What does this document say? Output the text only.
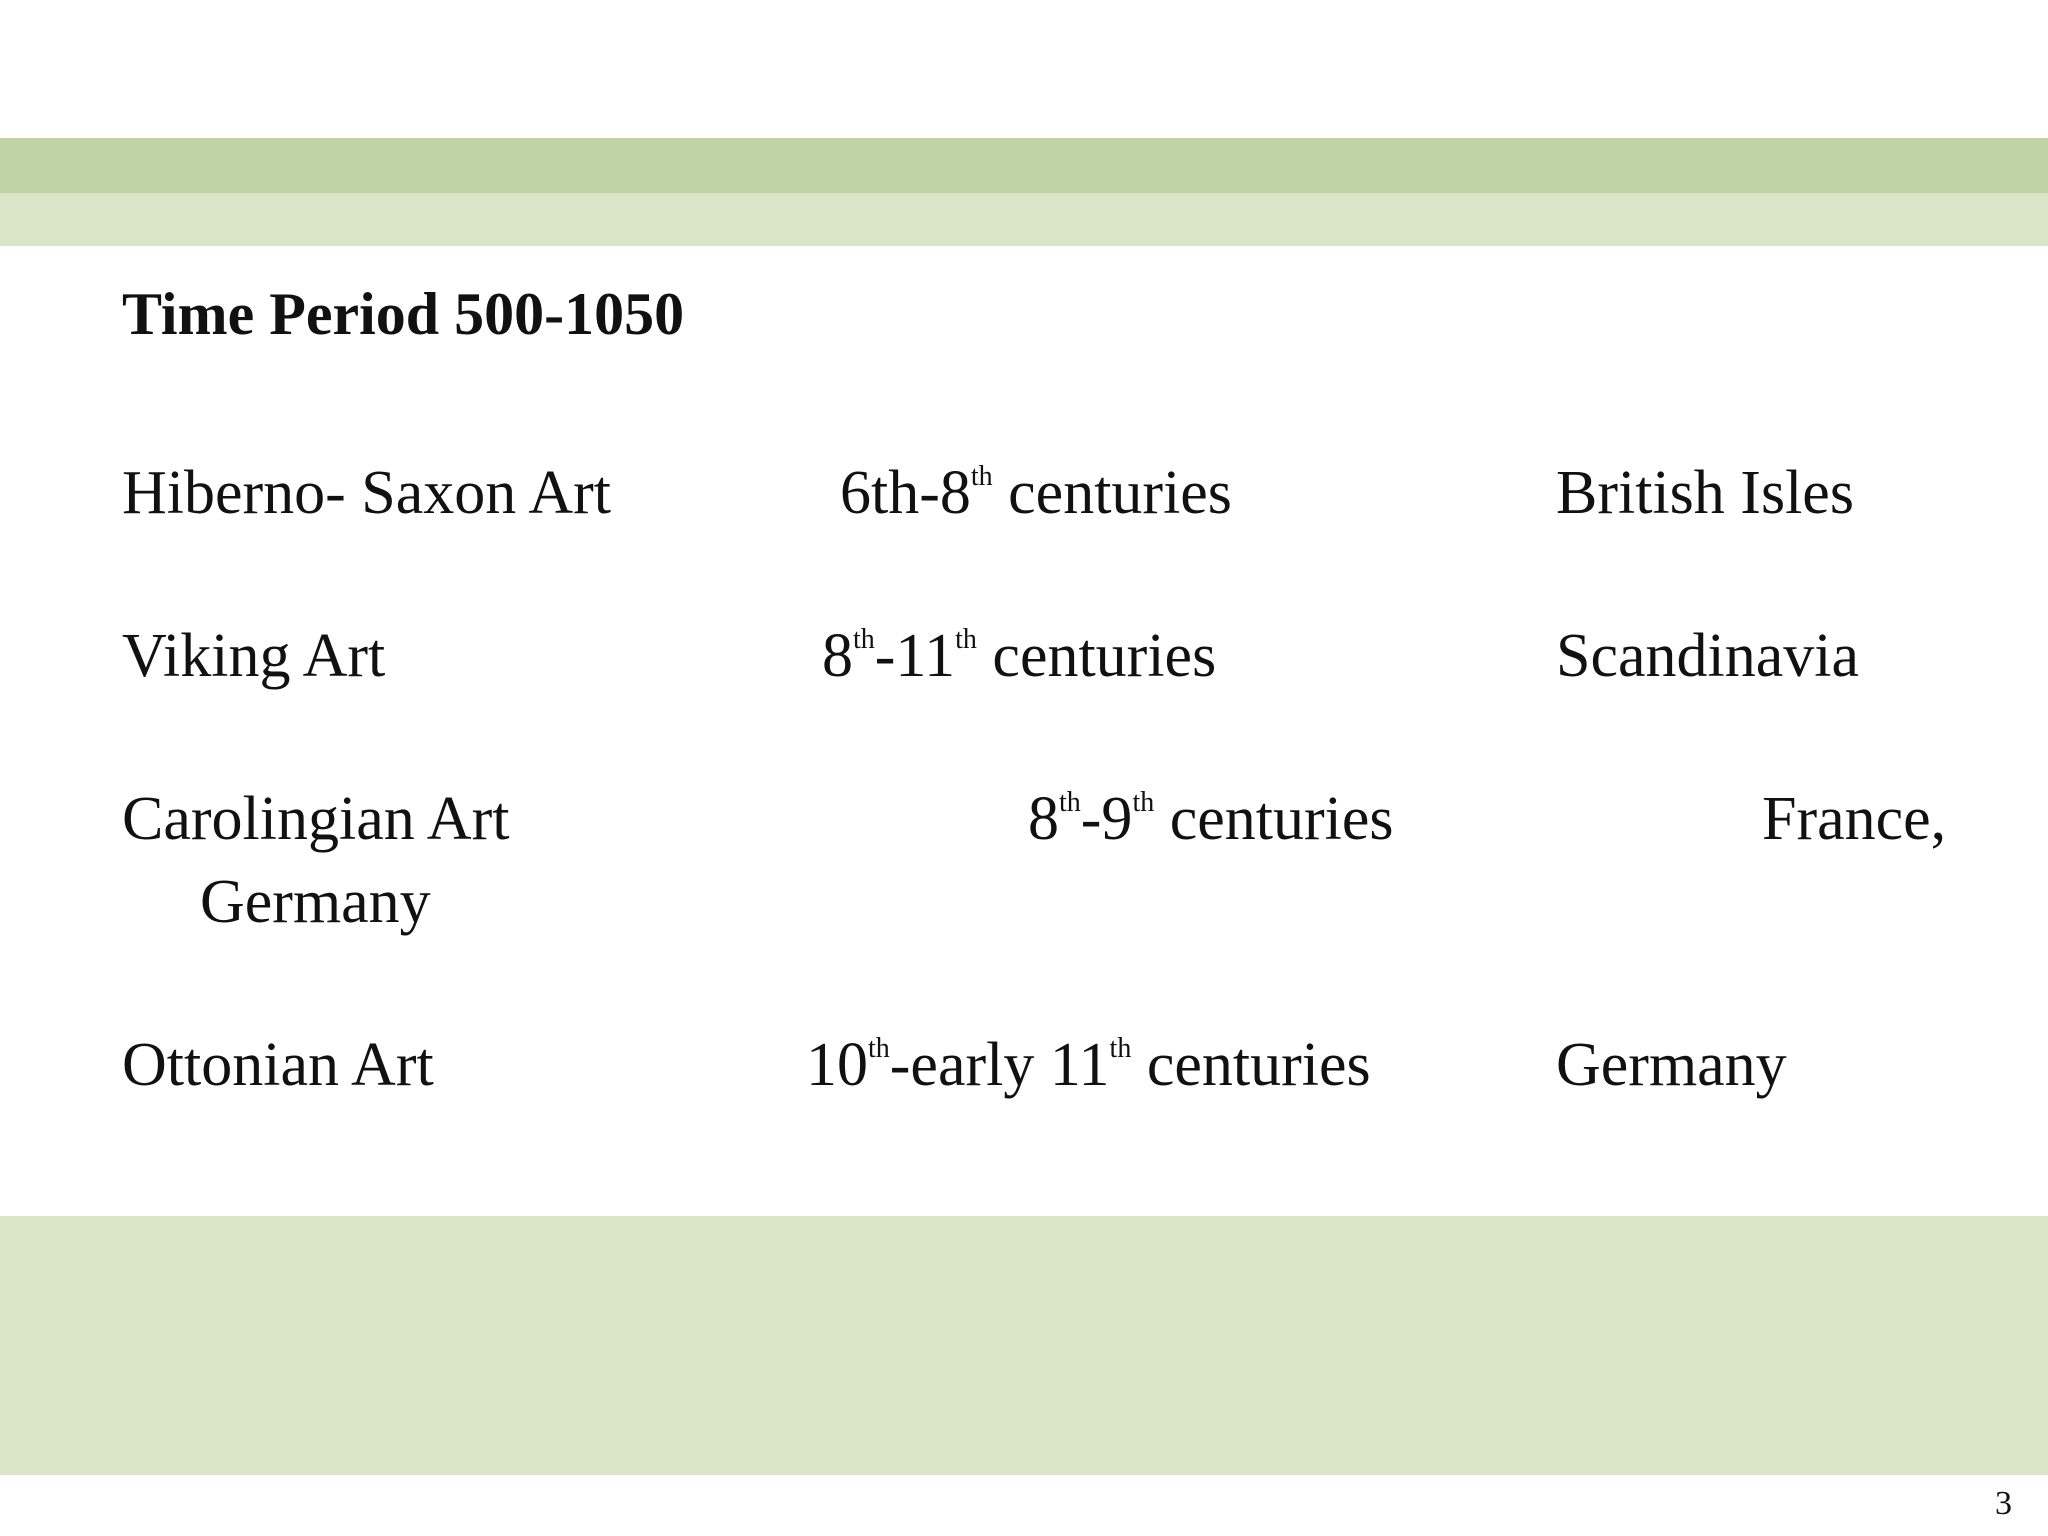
Time Period 500-1050
Hiberno- Saxon Art	6th-8th centuries	British Isles
Viking Art	8th-11th centuries	Scandinavia
Carolingian Art	8th-9th centuries	France,
Germany
Ottonian Art	10th-early 11th centuries	Germany
3
